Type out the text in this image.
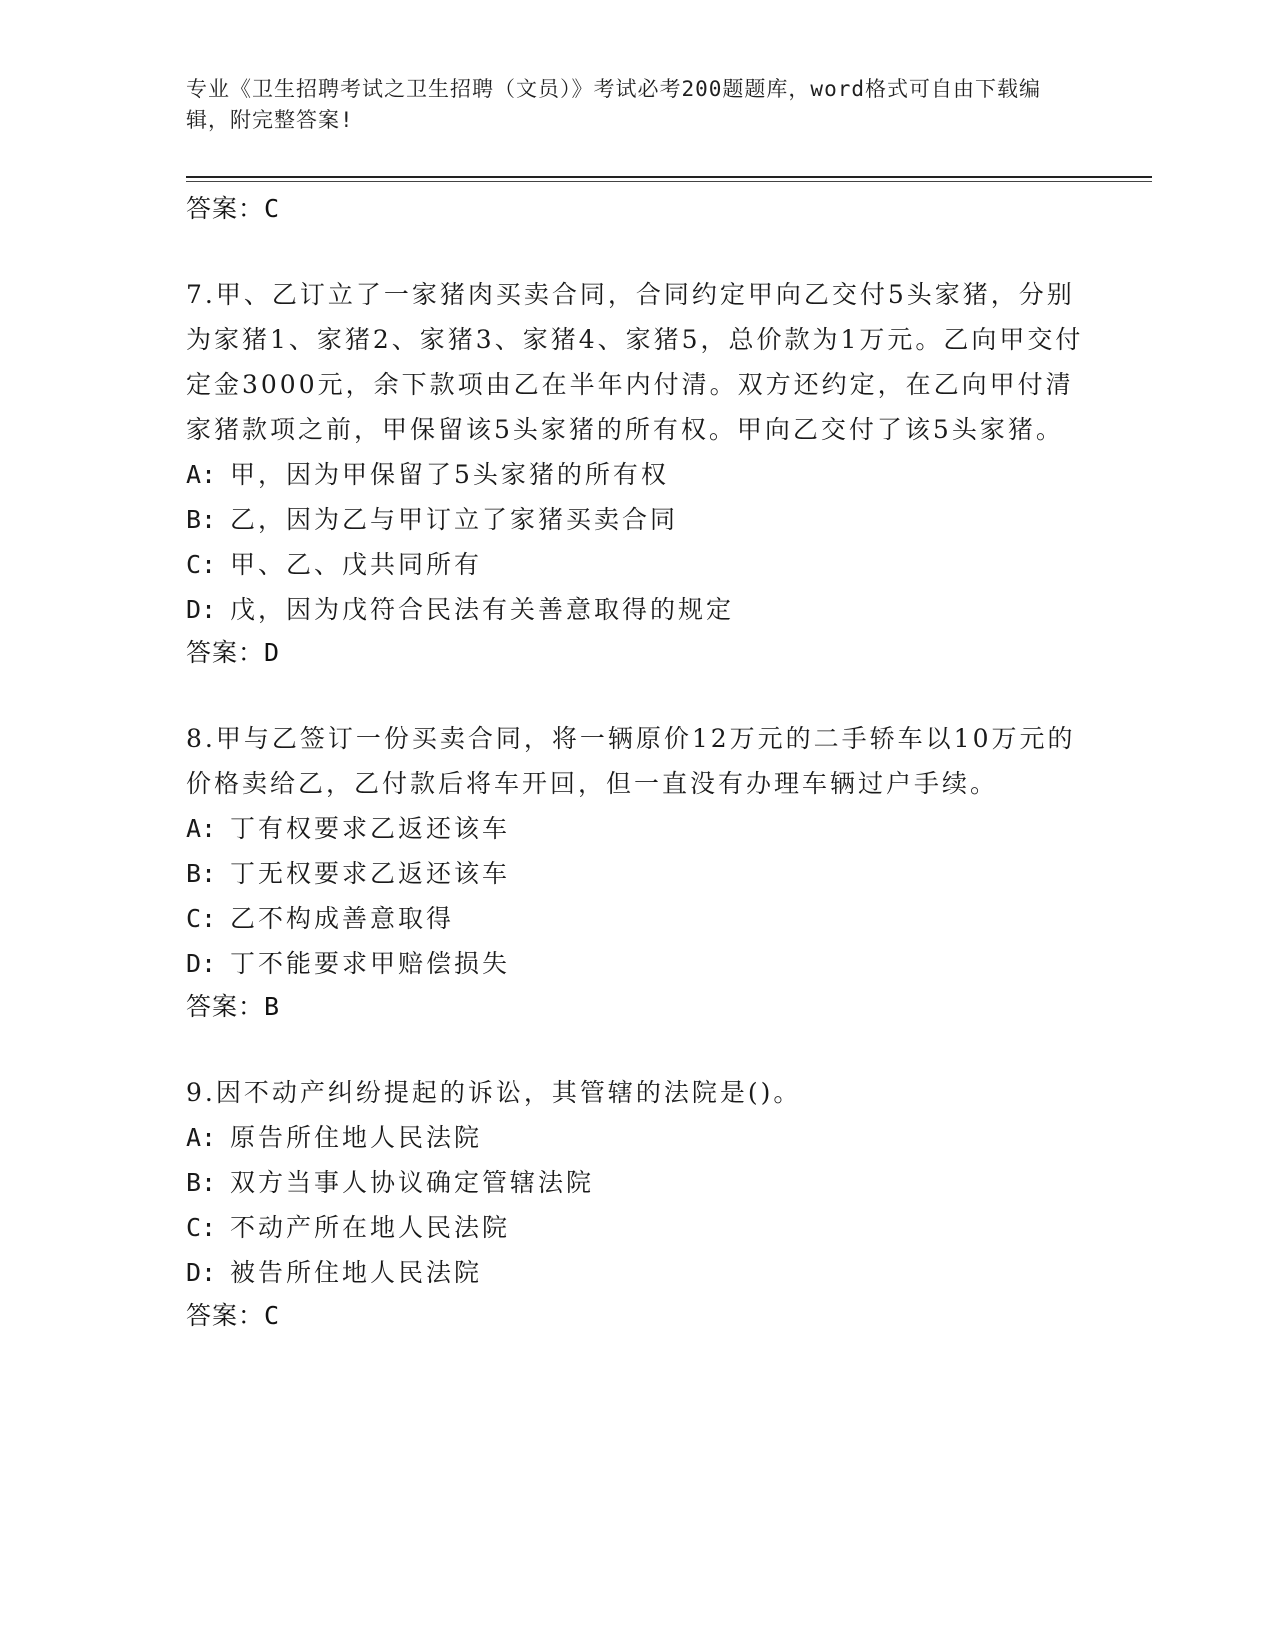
专业《卫生招聘考试之卫生招聘（文员）》考试必考200题题库，word格式可自由下载编辑，附完整答案!

答案：C

7.甲、乙订立了一家猪肉买卖合同，合同约定甲向乙交付5头家猪，分别为家猪1、家猪2、家猪3、家猪4、家猪5，总价款为1万元。乙向甲交付定金3000元，余下款项由乙在半年内付清。双方还约定，在乙向甲付清家猪款项之前，甲保留该5头家猪的所有权。甲向乙交付了该5头家猪。

A: 甲，因为甲保留了5头家猪的所有权

B: 乙，因为乙与甲订立了家猪买卖合同

C: 甲、乙、戊共同所有

D: 戊，因为戊符合民法有关善意取得的规定

答案：D

8.甲与乙签订一份买卖合同，将一辆原价12万元的二手轿车以10万元的价格卖给乙，乙付款后将车开回，但一直没有办理车辆过户手续。

A: 丁有权要求乙返还该车

B: 丁无权要求乙返还该车

C: 乙不构成善意取得

D: 丁不能要求甲赔偿损失

答案：B

9.因不动产纠纷提起的诉讼，其管辖的法院是()。

A: 原告所住地人民法院

B: 双方当事人协议确定管辖法院

C: 不动产所在地人民法院

D: 被告所住地人民法院

答案：C
